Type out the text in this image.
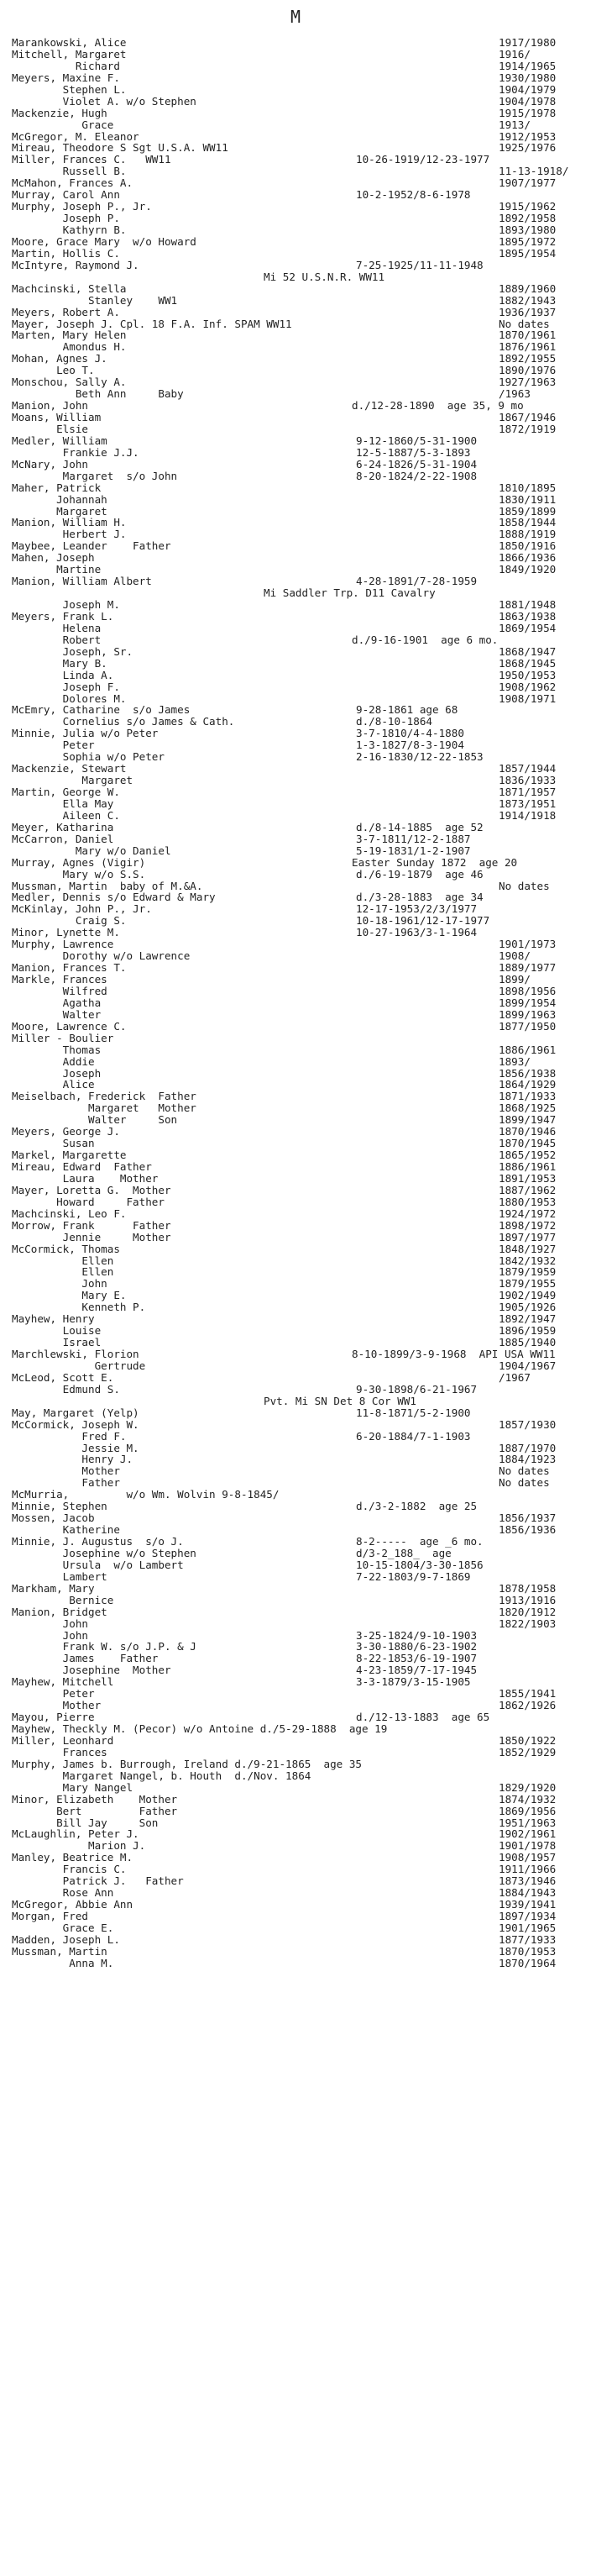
M
Marankowski, Alice	1917/1980
Mitchell, Margaret	1916/
Richard	1914/1965
Meyers, Maxine F.	1930/1980
Stephen L.	1904/1979
Violet A. w/o Stephen	1904/1978
Mackenzie, Hugh	1915/1978
Grace	1913/
McGregor, M. Eleanor	1912/1953
Mireau, Theodore S Sgt U.S.A. WW11	1925/1976
Miller, Frances C.   WW11	10-26-1919/12-23-1977
Russell B.	11-13-1918/
McMahon, Frances A.	1907/1977
Murray, Carol Ann	10-2-1952/8-6-1978
Murphy, Joseph P., Jr.	1915/1962
Joseph P.	1892/1958
Kathyrn B.	1893/1980
Moore, Grace Mary  w/o Howard	1895/1972
Martin, Hollis C.	1895/1954
McIntyre, Raymond J.	7-25-1925/11-11-1948
Mi 52 U.S.N.R. WW11
Machcinski, Stella	1889/1960
Stanley    WW1	1882/1943
Meyers, Robert A.	1936/1937
Mayer, Joseph J. Cpl. 18 F.A. Inf. SPAM WW11	No dates
Marten, Mary Helen	1870/1961
Amondus H.	1876/1961
Mohan, Agnes J.	1892/1955
Leo T.	1890/1976
Monschou, Sally A.	1927/1963
Beth Ann     Baby	/1963
Manion, John	d./12-28-1890  age 35, 9 mo
Moans, William	1867/1946
Elsie	1872/1919
Medler, William	9-12-1860/5-31-1900
Frankie J.J.	12-5-1887/5-3-1893
McNary, John	6-24-1826/5-31-1904
Margaret  s/o John	8-20-1824/2-22-1908
Maher, Patrick	1810/1895
Johannah	1830/1911
Margaret	1859/1899
Manion, William H.	1858/1944
Herbert J.	1888/1919
Maybee, Leander    Father	1850/1916
Mahen, Joseph	1866/1936
Martine	1849/1920
Manion, William Albert	4-28-1891/7-28-1959
Mi Saddler Trp. D11 Cavalry
Joseph M.	1881/1948
Meyers, Frank L.	1863/1938
Helena	1869/1954
Robert	d./9-16-1901  age 6 mo.
Joseph, Sr.	1868/1947
Mary B.	1868/1945
Linda A.	1950/1953
Joseph F.	1908/1962
Dolores M.	1908/1971
McEmry, Catharine  s/o James	9-28-1861 age 68
Cornelius s/o James & Cath.	d./8-10-1864
Minnie, Julia w/o Peter	3-7-1810/4-4-1880
Peter	1-3-1827/8-3-1904
Sophia w/o Peter	2-16-1830/12-22-1853
Mackenzie, Stewart	1857/1944
Margaret	1836/1933
Martin, George W.	1871/1957
Ella May	1873/1951
Aileen C.	1914/1918
Meyer, Katharina	d./8-14-1885  age 52
McCarron, Daniel	3-7-1811/12-2-1887
Mary w/o Daniel	5-19-1831/1-2-1907
Murray, Agnes (Vigir)	Easter Sunday 1872  age 20
Mary w/o S.S.	d./6-19-1879  age 46
Mussman, Martin  baby of M.&A.	No dates
Medler, Dennis s/o Edward & Mary	d./3-28-1883  age 34
McKinlay, John P., Jr.	12-17-1953/2/3/1977
Craig S.	10-18-1961/12-17-1977
Minor, Lynette M.	10-27-1963/3-1-1964
Murphy, Lawrence	1901/1973
Dorothy w/o Lawrence	1908/
Manion, Frances T.	1889/1977
Markle, Frances	1899/
Wilfred	1898/1956
Agatha	1899/1954
Walter	1899/1963
Moore, Lawrence C.	1877/1950
Miller - Boulier
Thomas	1886/1961
Addie	1893/
Joseph	1856/1938
Alice	1864/1929
Meiselbach, Frederick  Father	1871/1933
Margaret   Mother	1868/1925
Walter     Son	1899/1947
Meyers, George J.	1870/1946
Susan	1870/1945
Markel, Margarette	1865/1952
Mireau, Edward  Father	1886/1961
Laura    Mother	1891/1953
Mayer, Loretta G.  Mother	1887/1962
Howard     Father	1880/1953
Machcinski, Leo F.	1924/1972
Morrow, Frank      Father	1898/1972
Jennie     Mother	1897/1977
McCormick, Thomas	1848/1927
Ellen	1842/1932
Ellen	1879/1959
John	1879/1955
Mary E.	1902/1949
Kenneth P.	1905/1926
Mayhew, Henry	1892/1947
Louise	1896/1959
Israel	1885/1940
Marchlewski, Florion	8-10-1899/3-9-1968  API USA WW11
Gertrude	1904/1967
McLeod, Scott E.	/1967
Edmund S.	9-30-1898/6-21-1967
Pvt. Mi SN Det 8 Cor WW1
May, Margaret (Yelp)	11-8-1871/5-2-1900
McCormick, Joseph W.	1857/1930
Fred F.	6-20-1884/7-1-1903
Jessie M.	1887/1970
Henry J.	1884/1923
Mother	No dates
Father	No dates
McMurria,         w/o Wm. Wolvin 9-8-1845/
Minnie, Stephen	d./3-2-1882  age 25
Mossen, Jacob	1856/1937
Katherine	1856/1936
Minnie, J. Augustus  s/o J.	8-2-----  age _6 mo.
Josephine w/o Stephen	d/3-2_188_  age
Ursula  w/o Lambert	10-15-1804/3-30-1856
Lambert	7-22-1803/9-7-1869
Markham, Mary	1878/1958
Bernice	1913/1916
Manion, Bridget	1820/1912
John	1822/1903
John	3-25-1824/9-10-1903
Frank W. s/o J.P. & J	3-30-1880/6-23-1902
James    Father	8-22-1853/6-19-1907
Josephine  Mother	4-23-1859/7-17-1945
Mayhew, Mitchell	3-3-1879/3-15-1905
Peter	1855/1941
Mother	1862/1926
Mayou, Pierre	d./12-13-1883  age 65
Mayhew, Theckly M. (Pecor) w/o Antoine d./5-29-1888  age 19
Miller, Leonhard	1850/1922
Frances	1852/1929
Murphy, James b. Burrough, Ireland d./9-21-1865  age 35
Margaret Nangel, b. Houth  d./Nov. 1864
Mary Nangel	1829/1920
Minor, Elizabeth    Mother	1874/1932
Bert         Father	1869/1956
Bill Jay     Son	1951/1963
McLaughlin, Peter J.	1902/1961
Marion J.	1901/1978
Manley, Beatrice M.	1908/1957
Francis C.	1911/1966
Patrick J.   Father	1873/1946
Rose Ann	1884/1943
McGregor, Abbie Ann	1939/1941
Morgan, Fred	1897/1934
Grace E.	1901/1965
Madden, Joseph L.	1877/1933
Mussman, Martin	1870/1953
Anna M.	1870/1964
